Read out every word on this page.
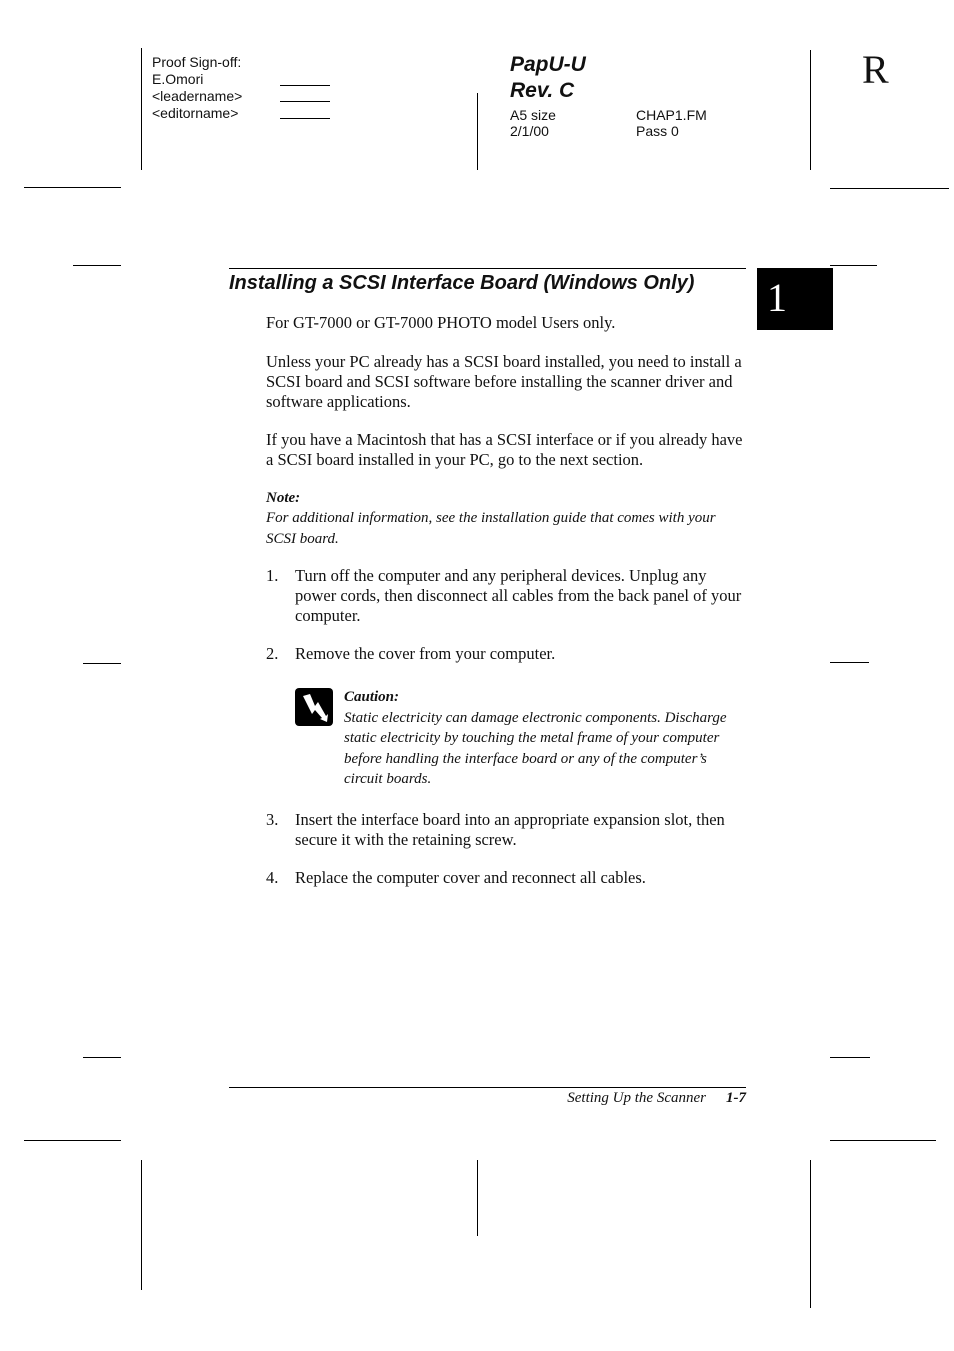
Proof Sign-off:
E.Omori
<leadername>
<editorname>
PapU-U
Rev. C
A5 size
2/1/00
CHAP1.FM
Pass 0
R
Installing a SCSI Interface Board (Windows Only) 1
For GT-7000 or GT-7000 PHOTO model Users only.
Unless your PC already has a SCSI board installed, you need to install a SCSI board and SCSI software before installing the scanner driver and software applications.
If you have a Macintosh that has a SCSI interface or if you already have a SCSI board installed in your PC, go to the next section.
Note:
For additional information, see the installation guide that comes with your SCSI board.
1. Turn off the computer and any peripheral devices. Unplug any power cords, then disconnect all cables from the back panel of your computer.
2. Remove the cover from your computer.
Caution:
Static electricity can damage electronic components. Discharge static electricity by touching the metal frame of your computer before handling the interface board or any of the computer’s circuit boards.
3. Insert the interface board into an appropriate expansion slot, then secure it with the retaining screw.
4. Replace the computer cover and reconnect all cables.
Setting Up the Scanner 1-7
